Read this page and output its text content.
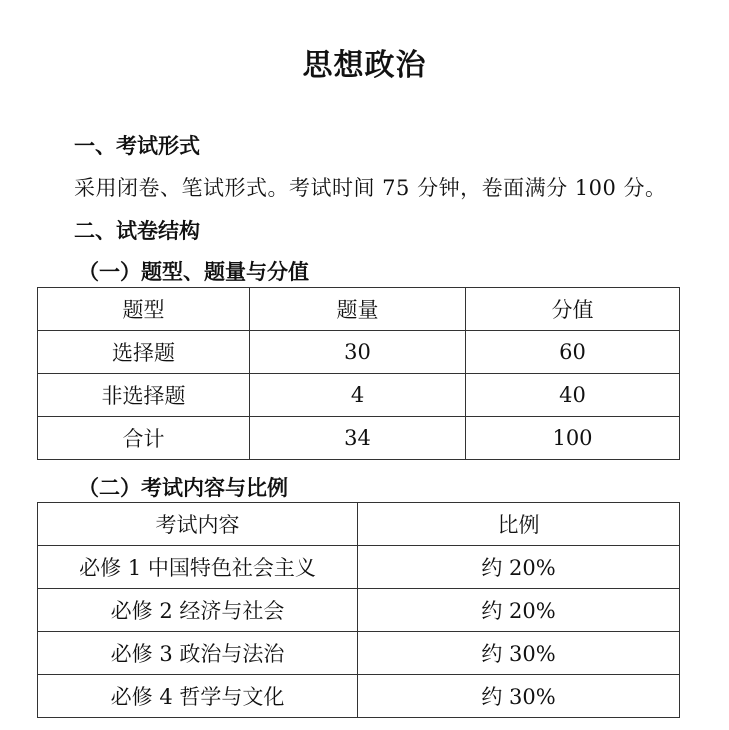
思想政治
一、考试形式
采用闭卷、笔试形式。考试时间 75 分钟，卷面满分 100 分。
二、试卷结构
（一）题型、题量与分值
题型	题量	分值
选择题	30	60
非选择题	4	40
合计	34	100
（二）考试内容与比例
考试内容	比例
必修 1 中国特色社会主义	约 20%
必修 2 经济与社会	约 20%
必修 3 政治与法治	约 30%
必修 4 哲学与文化	约 30%
